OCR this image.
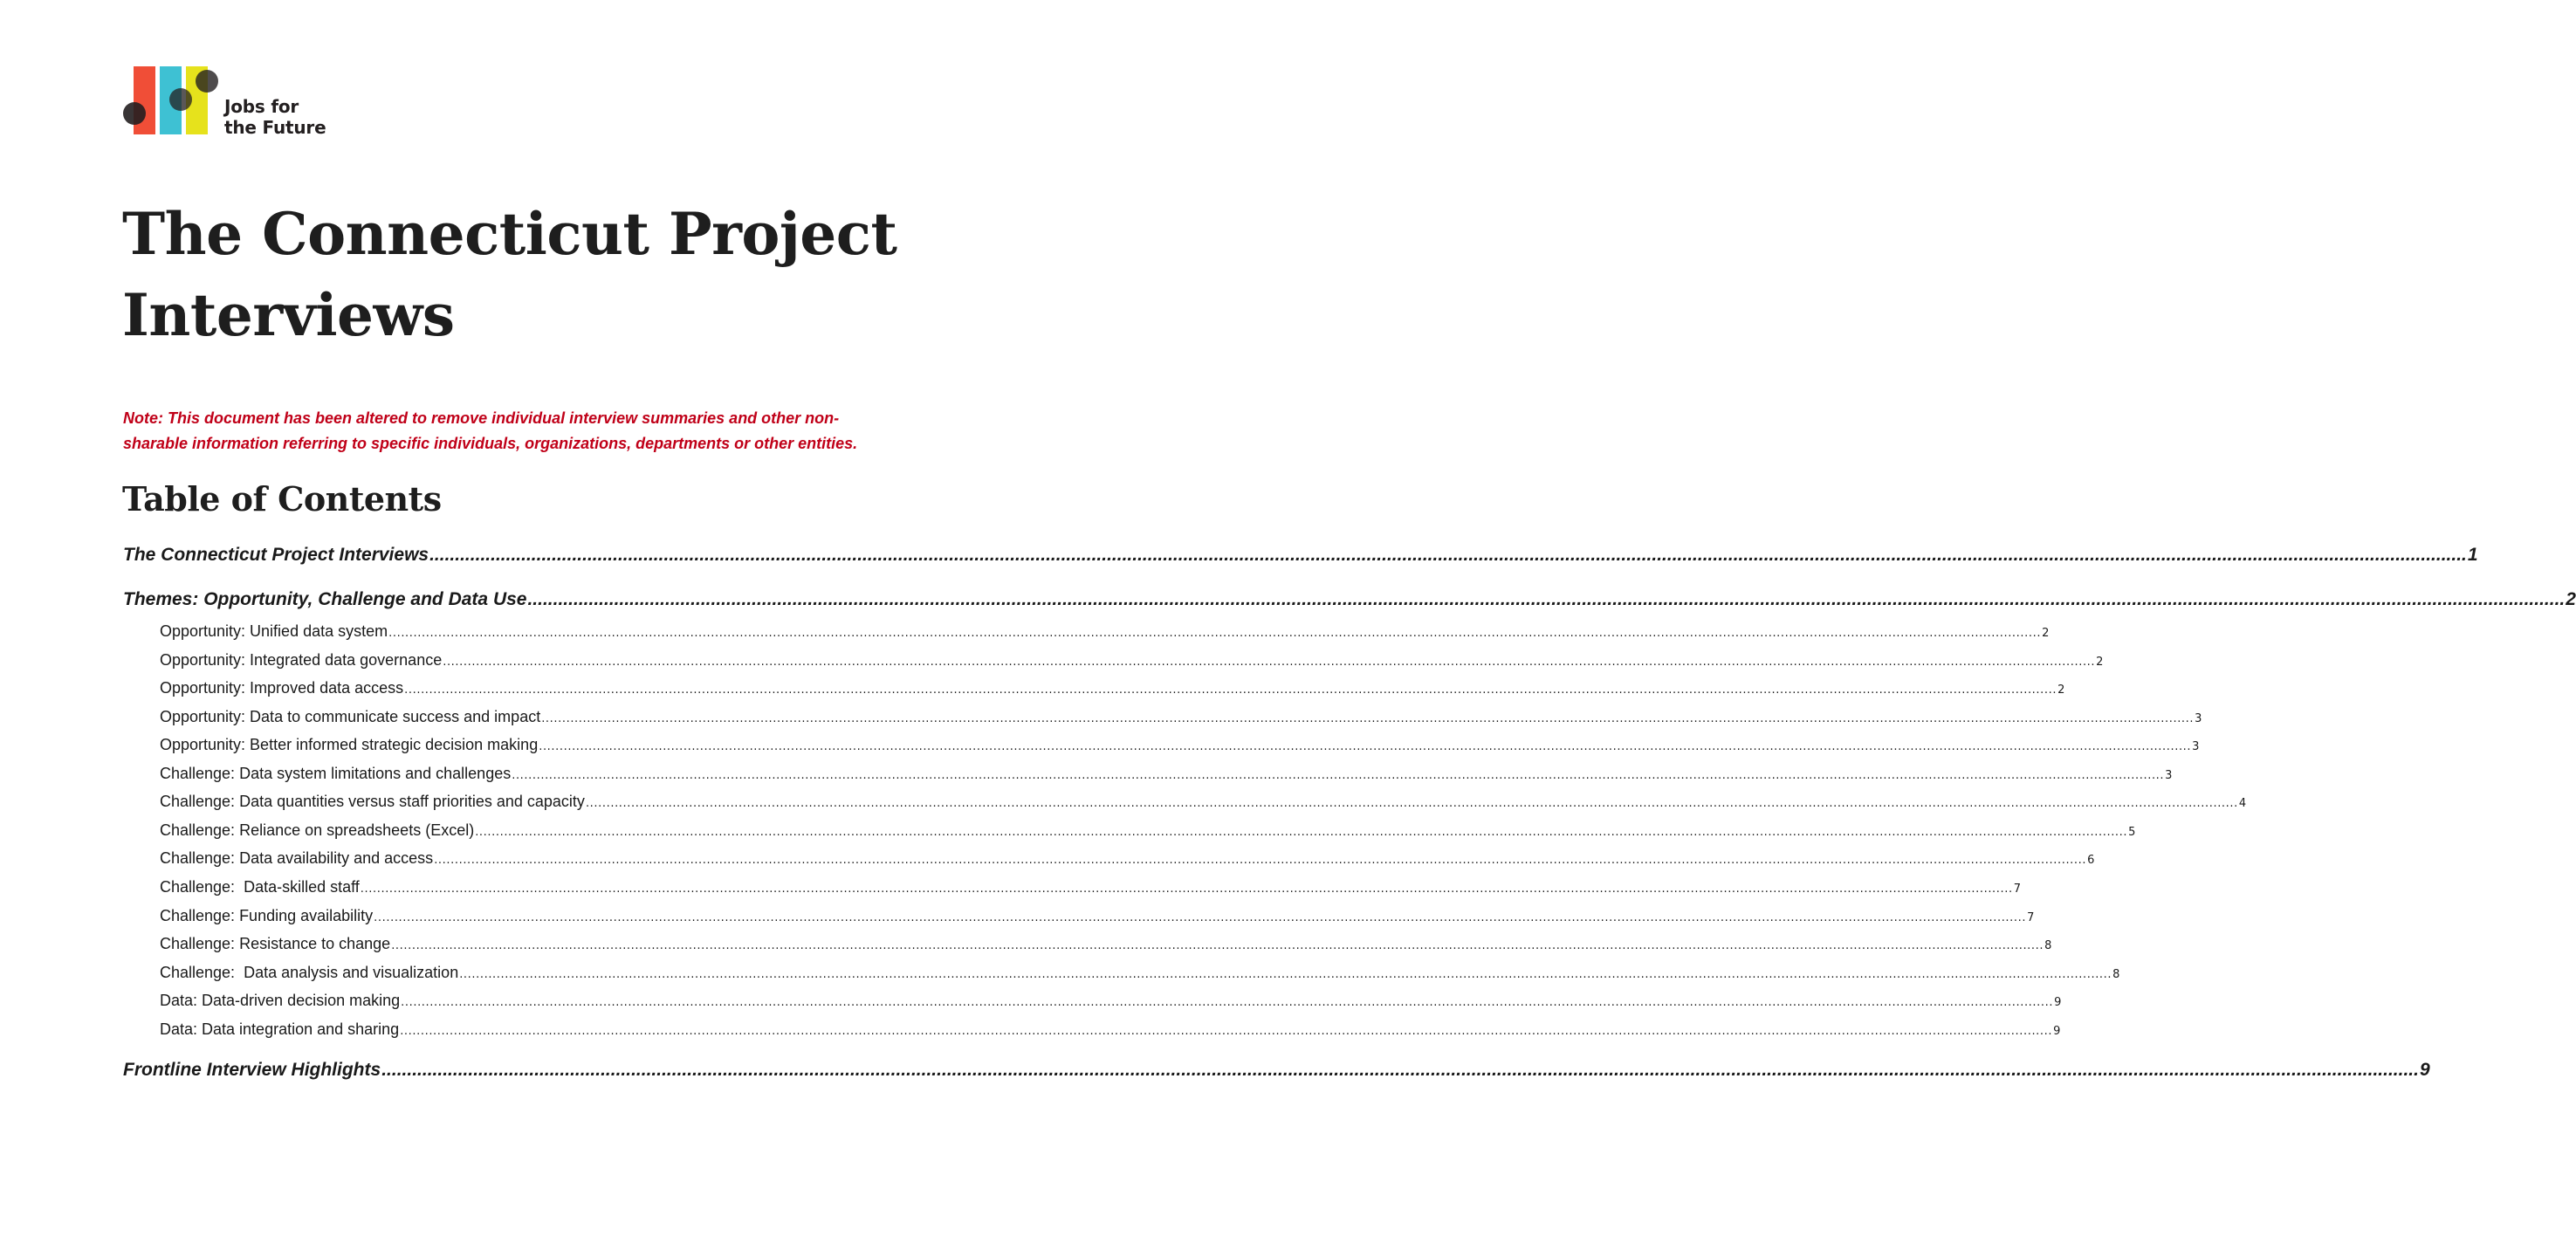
Jobs for
the Future
The Connecticut Project
Interviews

Note: This document has been altered to remove individual interview summaries and other non-
sharable information referring to specific individuals, organizations, departments or other entities.

Table of Contents
The Connecticut Project Interviews ................................................................................................................................................................................................................................................................................................................................................................................................................ 1
Themes: Opportunity, Challenge and Data Use ................................................................................................................................................................................................................................................................................................................................................................................................................ 2
Opportunity: Unified data system ................................................................................................................................................................................................................................................................................................................................................................................................................ 2
Opportunity: Integrated data governance ................................................................................................................................................................................................................................................................................................................................................................................................................ 2
Opportunity: Improved data access ................................................................................................................................................................................................................................................................................................................................................................................................................ 2
Opportunity: Data to communicate success and impact ................................................................................................................................................................................................................................................................................................................................................................................................................ 3
Opportunity: Better informed strategic decision making ................................................................................................................................................................................................................................................................................................................................................................................................................ 3
Challenge: Data system limitations and challenges ................................................................................................................................................................................................................................................................................................................................................................................................................ 3
Challenge: Data quantities versus staff priorities and capacity ................................................................................................................................................................................................................................................................................................................................................................................................................ 4
Challenge: Reliance on spreadsheets (Excel) ................................................................................................................................................................................................................................................................................................................................................................................................................ 5
Challenge: Data availability and access ................................................................................................................................................................................................................................................................................................................................................................................................................ 6
Challenge:  Data-skilled staff ................................................................................................................................................................................................................................................................................................................................................................................................................ 7
Challenge: Funding availability ................................................................................................................................................................................................................................................................................................................................................................................................................ 7
Challenge: Resistance to change ................................................................................................................................................................................................................................................................................................................................................................................................................ 8
Challenge:  Data analysis and visualization ................................................................................................................................................................................................................................................................................................................................................................................................................ 8
Data: Data-driven decision making ................................................................................................................................................................................................................................................................................................................................................................................................................ 9
Data: Data integration and sharing ................................................................................................................................................................................................................................................................................................................................................................................................................ 9
Frontline Interview Highlights ................................................................................................................................................................................................................................................................................................................................................................................................................ 9
